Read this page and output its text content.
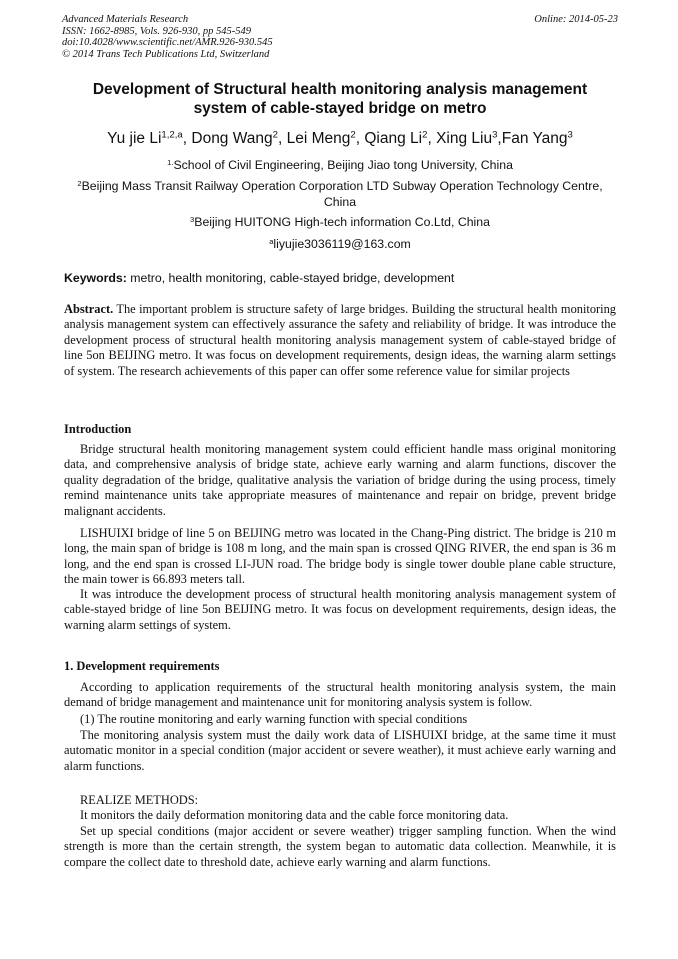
Advanced Materials Research
ISSN: 1662-8985, Vols. 926-930, pp 545-549
doi:10.4028/www.scientific.net/AMR.926-930.545
© 2014 Trans Tech Publications Ltd, Switzerland
Online: 2014-05-23
Development of Structural health monitoring analysis management
system of cable-stayed bridge on metro
Yu jie Li$^{1,2,a}$, Dong Wang$^2$, Lei Meng$^2$, Qiang Li$^2$, Xing Liu$^3$,Fan Yang$^3$
$^{1.}$School of Civil Engineering, Beijing Jiao tong University, China
$^2$Beijing Mass Transit Railway Operation Corporation LTD Subway Operation Technology Centre,
China
$^3$Beijing HUITONG High-tech information Co.Ltd, China
$^a$liyujie3036119@163.com
Keywords: metro, health monitoring, cable-stayed bridge, development
Abstract. The important problem is structure safety of large bridges. Building the structural health monitoring analysis management system can effectively assurance the safety and reliability of bridge. It was introduce the development process of structural health monitoring analysis management system of cable-stayed bridge of line 5on BEIJING metro. It was focus on development requirements, design ideas, the warning alarm settings of system. The research achievements of this paper can offer some reference value for similar projects
Introduction

Bridge structural health monitoring management system could efficient handle mass original monitoring data, and comprehensive analysis of bridge state, achieve early warning and alarm functions, discover the quality degradation of the bridge, qualitative analysis the variation of bridge during the using process, timely remind maintenance units take appropriate measures of maintenance and repair on bridge, prevent bridge malignant accidents.

LISHUIXI bridge of line 5 on BEIJING metro was located in the Chang-Ping district. The bridge is 210 m long, the main span of bridge is 108 m long, and the main span is crossed QING RIVER, the end span is 36 m long, and the end span is crossed LI-JUN road. The bridge body is single tower double plane cable structure, the main tower is 66.893 meters tall.

It was introduce the development process of structural health monitoring analysis management system of cable-stayed bridge of line 5on BEIJING metro. It was focus on development requirements, design ideas, the warning alarm settings of system.

1. Development requirements

According to application requirements of the structural health monitoring analysis system, the main demand of bridge management and maintenance unit for monitoring analysis system is follow.

(1) The routine monitoring and early warning function with special conditions

The monitoring analysis system must the daily work data of LISHUIXI bridge, at the same time it must automatic monitor in a special condition (major accident or severe weather), it must achieve early warning and alarm functions.

REALIZE METHODS:

It monitors the daily deformation monitoring data and the cable force monitoring data.

Set up special conditions (major accident or severe weather) trigger sampling function. When the wind strength is more than the certain strength, the system began to automatic data collection. Meanwhile, it is compare the collect date to threshold date, achieve early warning and alarm functions.
